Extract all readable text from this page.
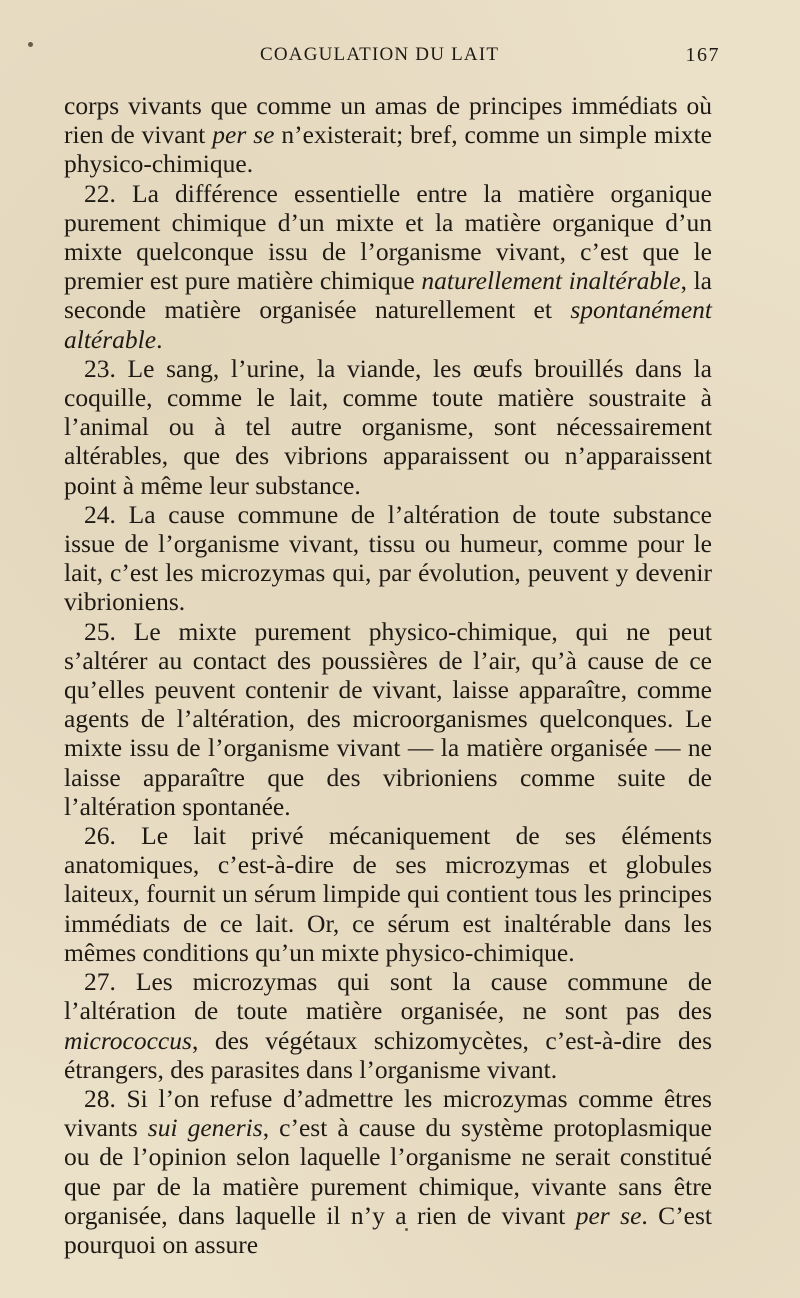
COAGULATION DU LAIT	167

corps vivants que comme un amas de principes immédiats où rien de vivant per se n’existerait; bref, comme un simple mixte physico-chimique.

22. La différence essentielle entre la matière organique purement chimique d’un mixte et la matière organique d’un mixte quelconque issu de l’organisme vivant, c’est que le premier est pure matière chimique naturellement inaltérable, la seconde matière organisée naturellement et spontanément altérable.

23. Le sang, l’urine, la viande, les œufs brouillés dans la coquille, comme le lait, comme toute matière soustraite à l’animal ou à tel autre organisme, sont nécessairement altérables, que des vibrions apparaissent ou n’apparaissent point à même leur substance.

24. La cause commune de l’altération de toute substance issue de l’organisme vivant, tissu ou humeur, comme pour le lait, c’est les microzymas qui, par évolution, peuvent y devenir vibrioniens.

25. Le mixte purement physico-chimique, qui ne peut s’altérer au contact des poussières de l’air, qu’à cause de ce qu’elles peuvent contenir de vivant, laisse apparaître, comme agents de l’altération, des microorganismes quelconques. Le mixte issu de l’organisme vivant — la matière organisée — ne laisse apparaître que des vibrioniens comme suite de l’altération spontanée.

26. Le lait privé mécaniquement de ses éléments anatomiques, c’est-à-dire de ses microzymas et globules laiteux, fournit un sérum limpide qui contient tous les principes immédiats de ce lait. Or, ce sérum est inaltérable dans les mêmes conditions qu’un mixte physico-chimique.

27. Les microzymas qui sont la cause commune de l’altération de toute matière organisée, ne sont pas des micrococcus, des végétaux schizomycètes, c’est-à-dire des étrangers, des parasites dans l’organisme vivant.

28. Si l’on refuse d’admettre les microzymas comme êtres vivants sui generis, c’est à cause du système protoplasmique ou de l’opinion selon laquelle l’organisme ne serait constitué que par de la matière purement chimique, vivante sans être organisée, dans laquelle il n’y a rien de vivant per se. C’est pourquoi on assure
